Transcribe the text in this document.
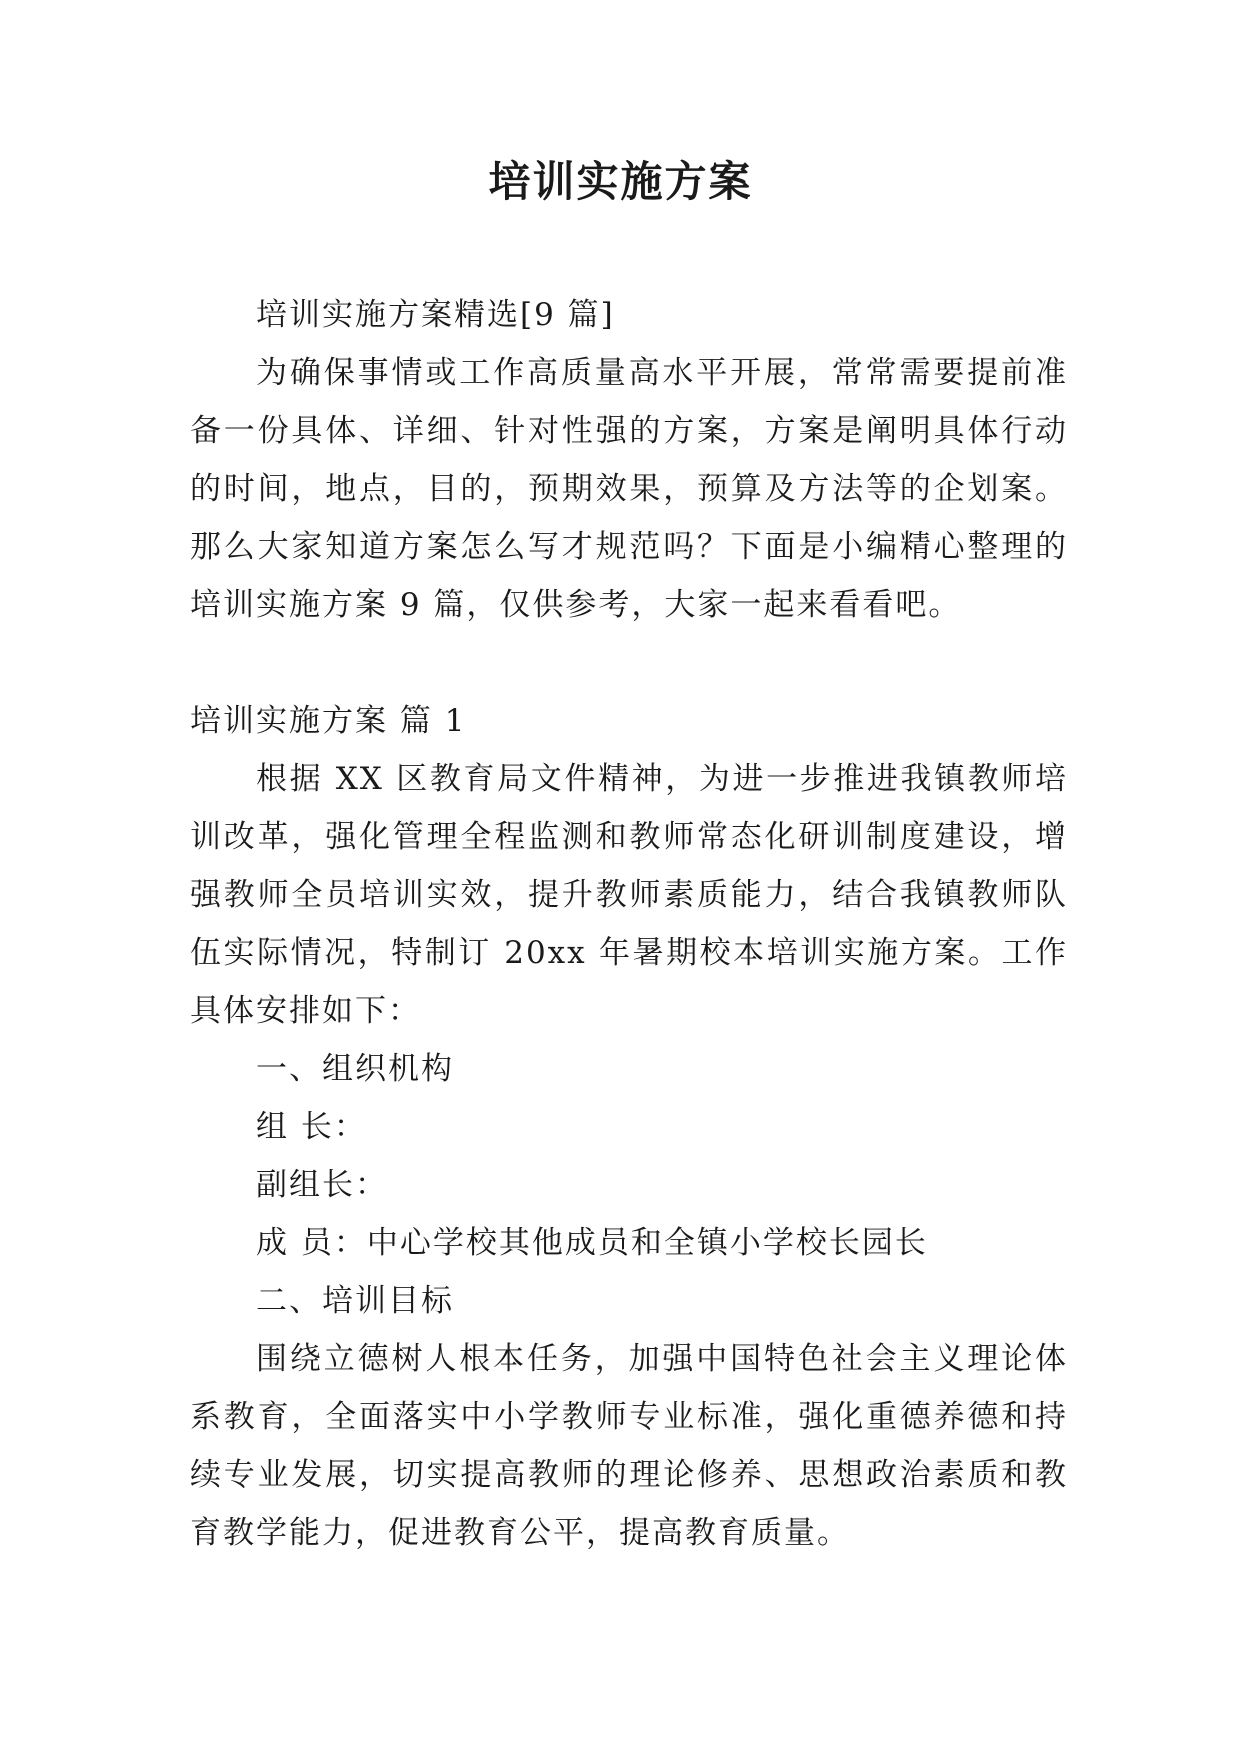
培训实施方案

培训实施方案精选[9 篇]

为确保事情或工作高质量高水平开展，常常需要提前准备一份具体、详细、针对性强的方案，方案是阐明具体行动的时间，地点，目的，预期效果，预算及方法等的企划案。那么大家知道方案怎么写才规范吗？下面是小编精心整理的培训实施方案 9 篇，仅供参考，大家一起来看看吧。

培训实施方案 篇 1

根据 XX 区教育局文件精神，为进一步推进我镇教师培训改革，强化管理全程监测和教师常态化研训制度建设，增强教师全员培训实效，提升教师素质能力，结合我镇教师队伍实际情况，特制订 20xx 年暑期校本培训实施方案。工作具体安排如下：

一、组织机构

组 长：

副组长：

成 员：中心学校其他成员和全镇小学校长园长

二、培训目标

围绕立德树人根本任务，加强中国特色社会主义理论体系教育，全面落实中小学教师专业标准，强化重德养德和持续专业发展，切实提高教师的理论修养、思想政治素质和教育教学能力，促进教育公平，提高教育质量。
